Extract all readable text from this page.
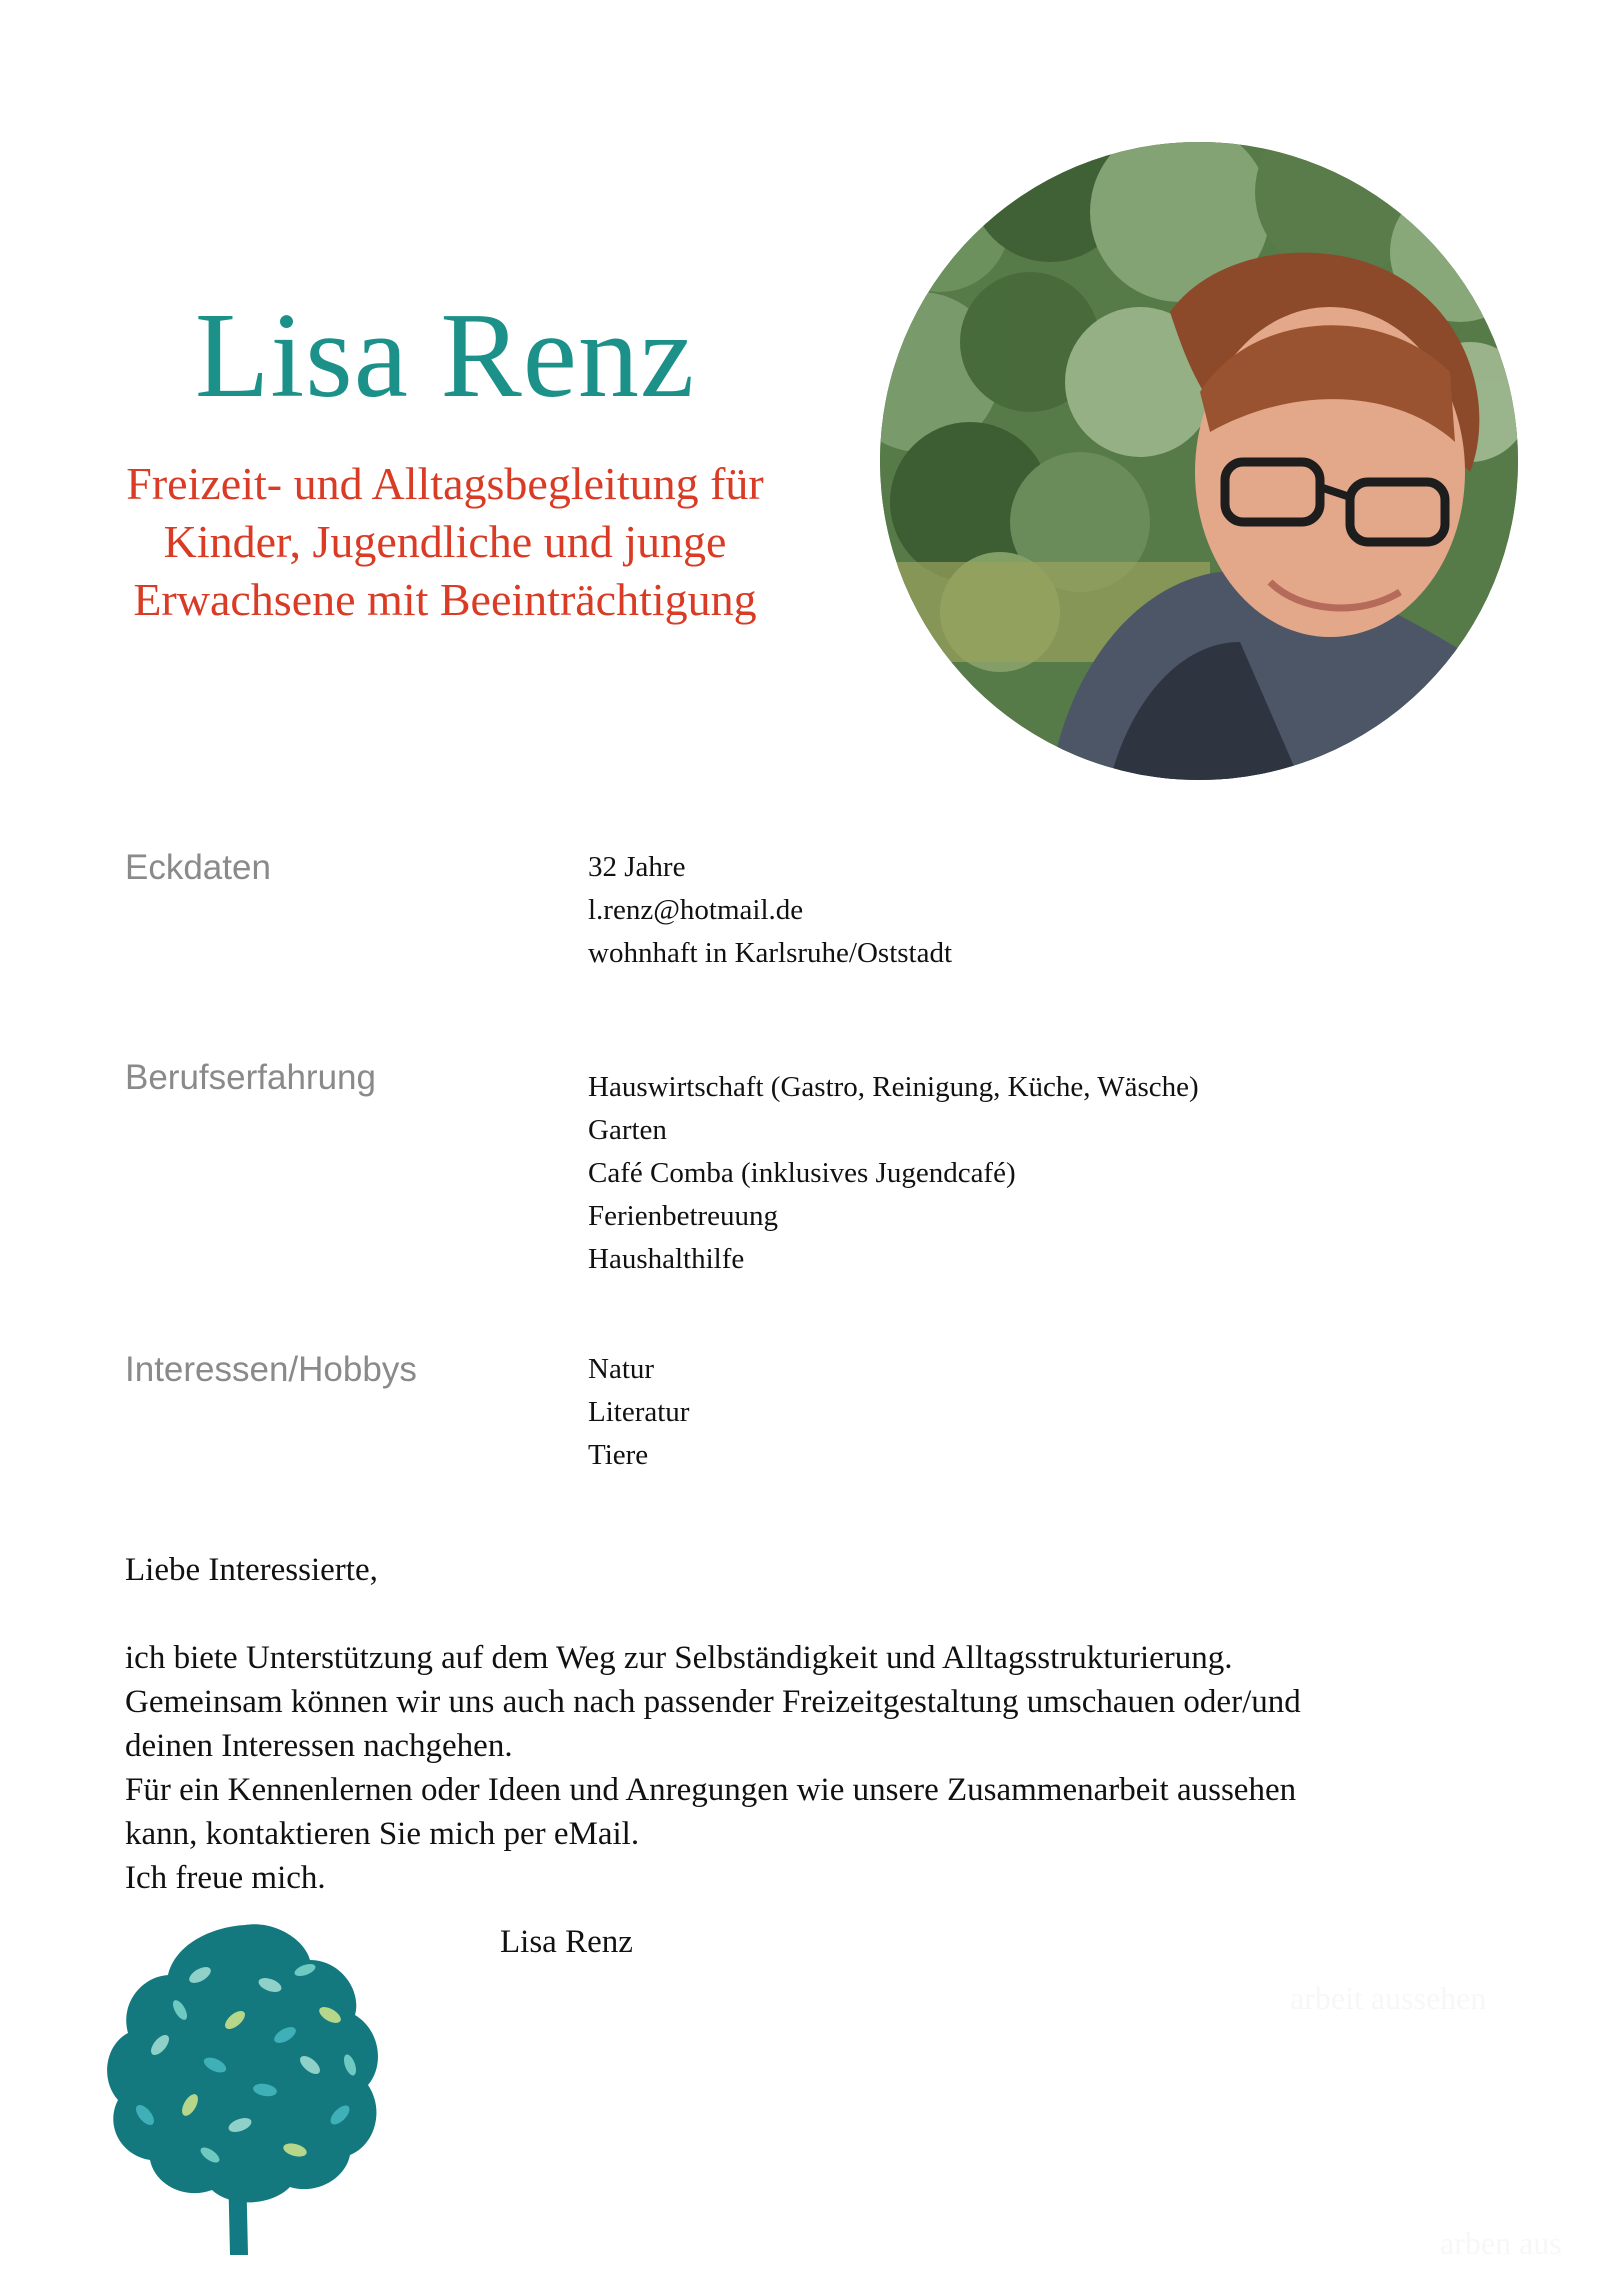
Lisa Renz
Freizeit- und Alltagsbegleitung für
Kinder, Jugendliche und junge
Erwachsene mit Beeinträchtigung
Eckdaten	32 Jahre
l.renz@hotmail.de
wohnhaft in Karlsruhe/Oststadt
Berufserfahrung	Hauswirtschaft (Gastro, Reinigung, Küche, Wäsche)
Garten
Café Comba (inklusives Jugendcafé)
Ferienbetreuung
Haushalthilfe
Interessen/Hobbys	Natur
Literatur
Tiere

Liebe Interessierte,

ich biete Unterstützung auf dem Weg zur Selbständigkeit und Alltagsstrukturierung.

Gemeinsam können wir uns auch nach passender Freizeitgestaltung umschauen oder/und

deinen Interessen nachgehen.

Für ein Kennenlernen oder Ideen und Anregungen wie unsere Zusammenarbeit aussehen

kann, kontaktieren Sie mich per eMail.

Ich freue mich.

Lisa Renz
arbeit aussehen
arben aus
